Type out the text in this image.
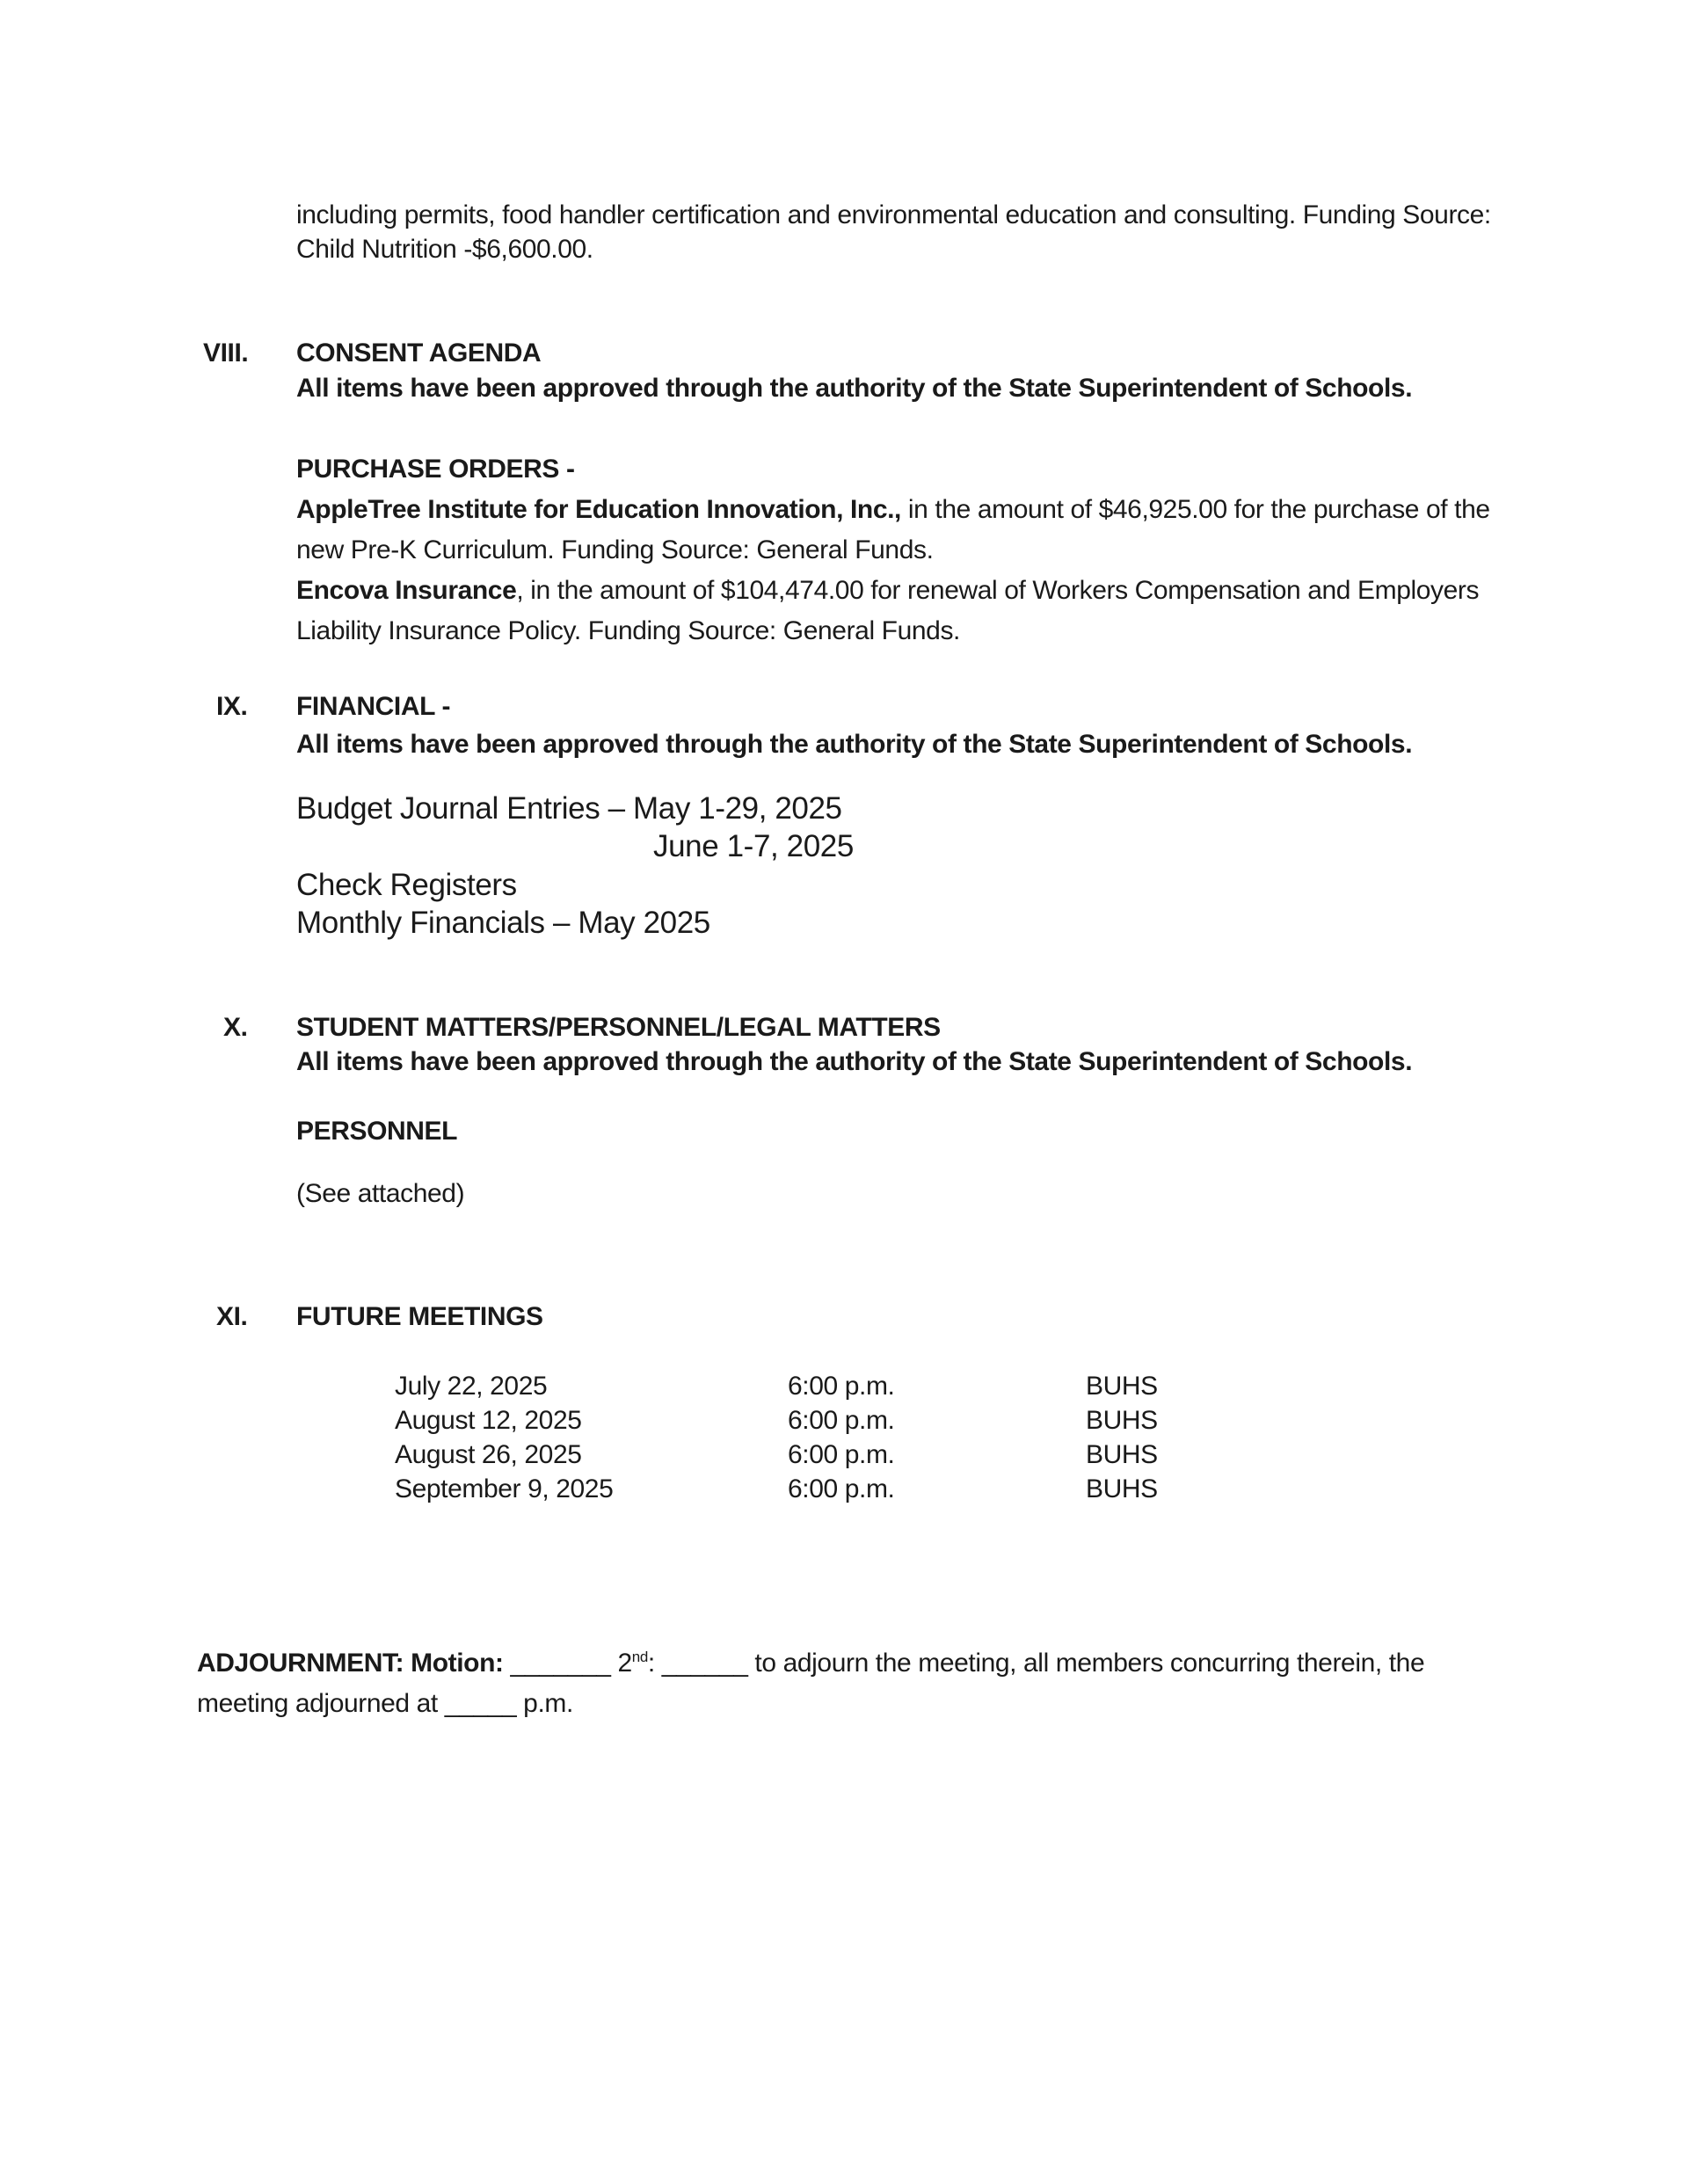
including permits, food handler certification and environmental education and consulting. Funding Source:
Child Nutrition -$6,600.00.
VIII. CONSENT AGENDA
All items have been approved through the authority of the State Superintendent of Schools.
PURCHASE ORDERS -
AppleTree Institute for Education Innovation, Inc., in the amount of $46,925.00 for the purchase of the
new Pre-K Curriculum. Funding Source: General Funds.
Encova Insurance, in the amount of $104,474.00 for renewal of Workers Compensation and Employers
Liability Insurance Policy. Funding Source: General Funds.
IX. FINANCIAL -
All items have been approved through the authority of the State Superintendent of Schools.
Budget Journal Entries – May 1-29, 2025
June 1-7, 2025
Check Registers
Monthly Financials – May 2025
X. STUDENT MATTERS/PERSONNEL/LEGAL MATTERS
All items have been approved through the authority of the State Superintendent of Schools.
PERSONNEL
(See attached)
XI. FUTURE MEETINGS
July 22, 2025	6:00 p.m.	BUHS
August 12, 2025	6:00 p.m.	BUHS
August 26, 2025	6:00 p.m.	BUHS
September 9, 2025	6:00 p.m.	BUHS
ADJOURNMENT: Motion: _______ 2nd: ______ to adjourn the meeting, all members concurring therein, the
meeting adjourned at _____ p.m.
